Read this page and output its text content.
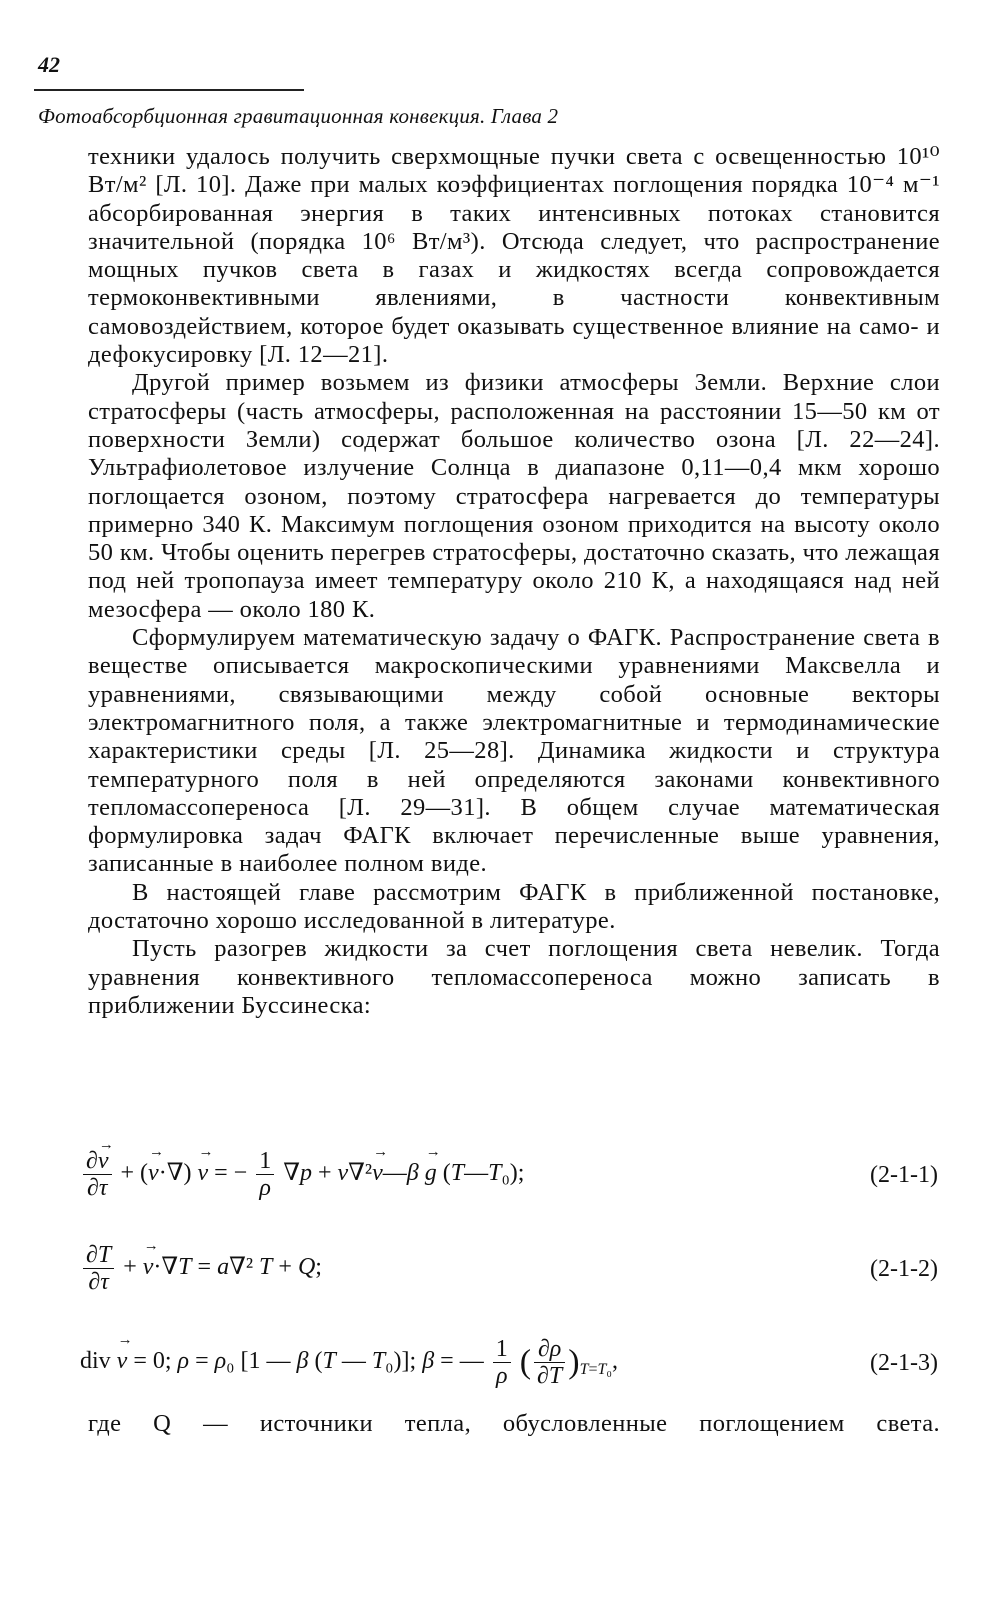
42
Фотоабсорбционная гравитационная конвекция. Глава 2

техники удалось получить сверхмощные пучки света с освещенностью 10¹⁰ Вт/м² [Л. 10]. Даже при малых коэффициентах поглощения порядка 10⁻⁴ м⁻¹ абсорбированная энергия в таких интенсивных потоках становится значительной (порядка 10⁶ Вт/м³). Отсюда следует, что распространение мощных пучков света в газах и жидкостях всегда сопровождается термоконвективными явлениями, в частности конвективным самовоздействием, которое будет оказывать существенное влияние на само- и дефокусировку [Л. 12—21].

Другой пример возьмем из физики атмосферы Земли. Верхние слои стратосферы (часть атмосферы, расположенная на расстоянии 15—50 км от поверхности Земли) содержат большое количество озона [Л. 22—24]. Ультрафиолетовое излучение Солнца в диапазоне 0,11—0,4 мкм хорошо поглощается озоном, поэтому стратосфера нагревается до температуры примерно 340 К. Максимум поглощения озоном приходится на высоту около 50 км. Чтобы оценить перегрев стратосферы, достаточно сказать, что лежащая под ней тропопауза имеет температуру около 210 К, а находящаяся над ней мезосфера — около 180 К.

Сформулируем математическую задачу о ФАГК. Распространение света в веществе описывается макроскопическими уравнениями Максвелла и уравнениями, связывающими между собой основные векторы электромагнитного поля, а также электромагнитные и термодинамические характеристики среды [Л. 25—28]. Динамика жидкости и структура температурного поля в ней определяются законами конвективного тепломассопереноса [Л. 29—31]. В общем случае математическая формулировка задач ФАГК включает перечисленные выше уравнения, записанные в наиболее полном виде.

В настоящей главе рассмотрим ФАГК в приближенной постановке, достаточно хорошо исследованной в литературе.

Пусть разогрев жидкости за счет поглощения света невелик. Тогда уравнения конвективного тепломассопереноса можно записать в приближении Буссинеска:

$\frac{\partial\to v}{\partial\tau}$ + (→ v·∇) → v = − $\frac{1}{\rho} \nabla p + \nu\nabla^2\to$ v—β → g (T—T₀);	(2-1-1)
$\frac{\partial T}{\partial\tau}$ + → v·∇T = a∇² T + Q;	(2-1-2)
div → v = 0; ρ = ρ₀ [1 — β (T — T₀)]; β = — $\frac{1}{\rho}$ ( $\frac{\partial\rho}{\partial T} )_{T=T_0}$,	(2-1-3)
где Q — источники тепла, обусловленные поглощением света.
